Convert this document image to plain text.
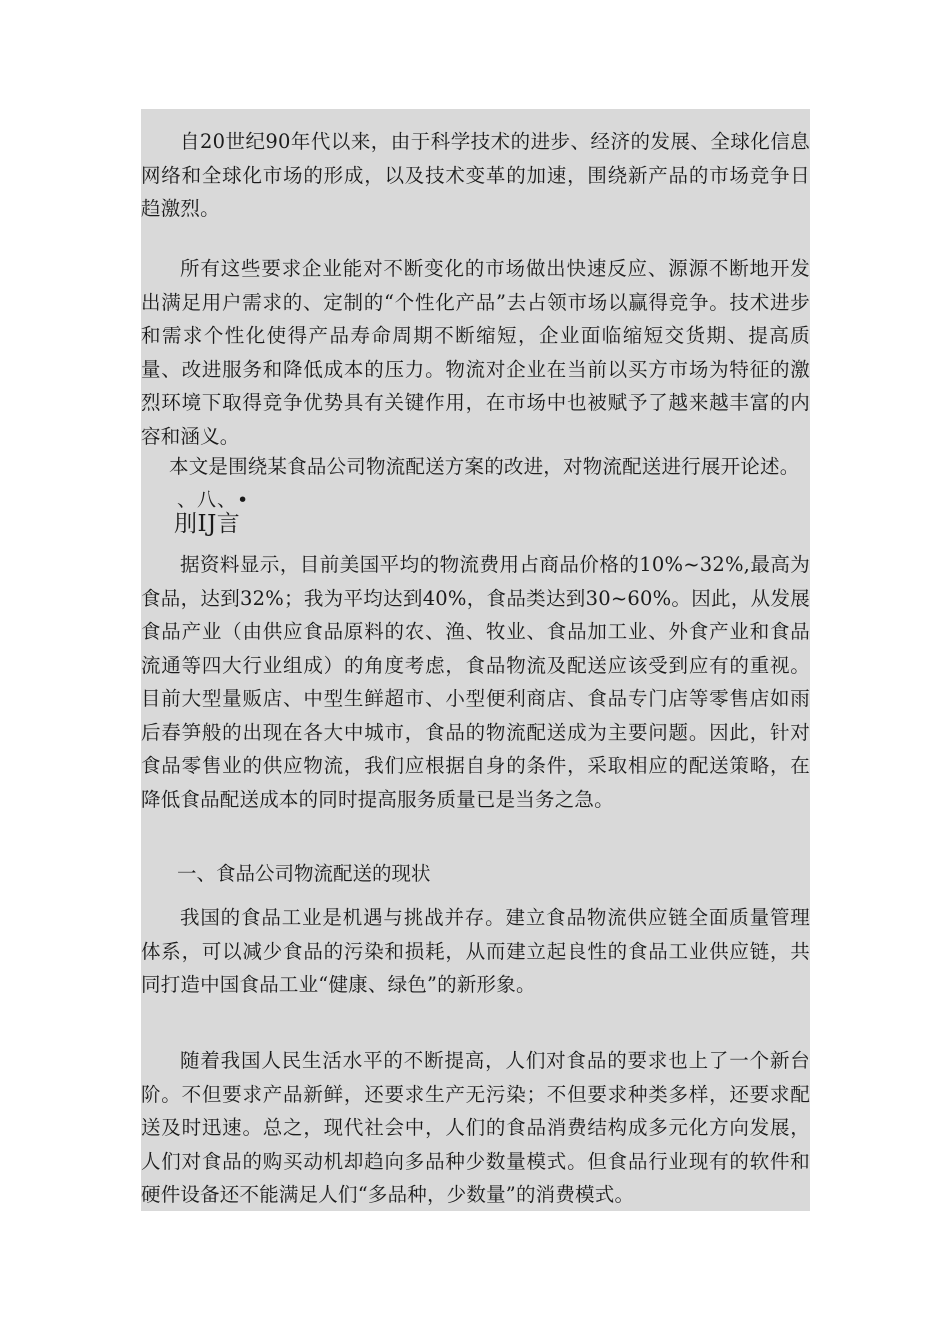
自20世纪90年代以来，由于科学技术的进步、经济的发展、全球化信息网络和全球化市场的形成，以及技术变革的加速，围绕新产品的市场竞争日趋激烈。

所有这些要求企业能对不断变化的市场做出快速反应、源源不断地开发出满足用户需求的、定制的“个性化产品”去占领市场以赢得竞争。技术进步和需求个性化使得产品寿命周期不断缩短，企业面临缩短交货期、提高质量、改进服务和降低成本的压力。物流对企业在当前以买方市场为特征的激烈环境下取得竞争优势具有关键作用，在市场中也被赋予了越来越丰富的内容和涵义。

本文是围绕某食品公司物流配送方案的改进，对物流配送进行展开论述。

、八、•
刖IJ言

据资料显示，目前美国平均的物流费用占商品价格的10%~32%,最高为食品，达到32%；我为平均达到40%，食品类达到30~60%。因此，从发展食品产业（由供应食品原料的农、渔、牧业、食品加工业、外食产业和食品流通等四大行业组成）的角度考虑，食品物流及配送应该受到应有的重视。目前大型量贩店、中型生鲜超市、小型便利商店、食品专门店等零售店如雨后春笋般的出现在各大中城市，食品的物流配送成为主要问题。因此，针对食品零售业的供应物流，我们应根据自身的条件，采取相应的配送策略，在降低食品配送成本的同时提高服务质量已是当务之急。

一、食品公司物流配送的现状

我国的食品工业是机遇与挑战并存。建立食品物流供应链全面质量管理体系，可以减少食品的污染和损耗，从而建立起良性的食品工业供应链，共同打造中国食品工业“健康、绿色”的新形象。

随着我国人民生活水平的不断提高，人们对食品的要求也上了一个新台阶。不但要求产品新鲜，还要求生产无污染；不但要求种类多样，还要求配送及时迅速。总之，现代社会中，人们的食品消费结构成多元化方向发展，人们对食品的购买动机却趋向多品种少数量模式。但食品行业现有的软件和硬件设备还不能满足人们“多品种，少数量”的消费模式。
